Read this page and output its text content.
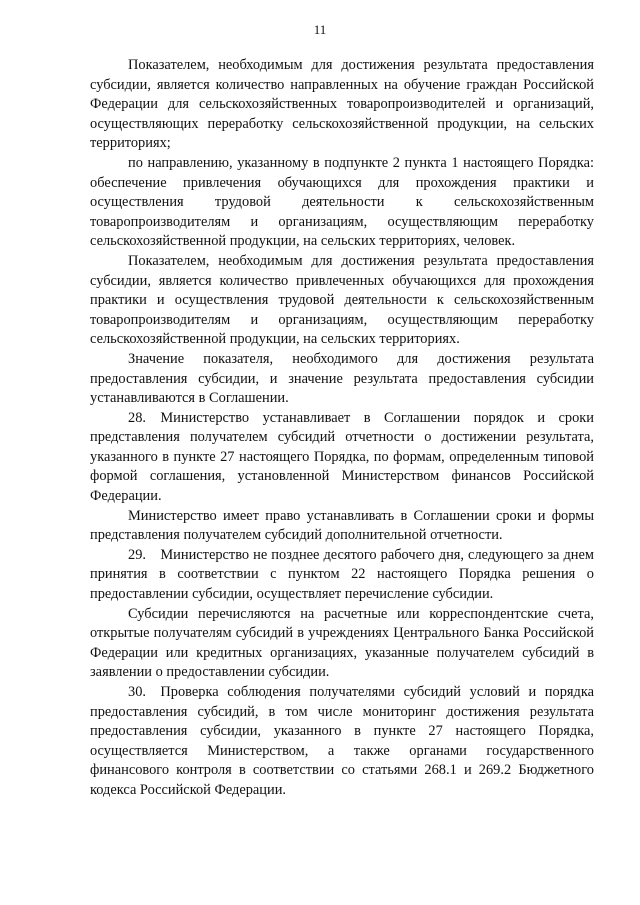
11

Показателем, необходимым для достижения результата предоставления субсидии, является количество направленных на обучение граждан Российской Федерации для сельскохозяйственных товаропроизводителей и организаций, осуществляющих переработку сельскохозяйственной продукции, на сельских территориях;

по направлению, указанному в подпункте 2 пункта 1 настоящего Порядка: обеспечение привлечения обучающихся для прохождения практики и осуществления трудовой деятельности к сельскохозяйственным товаропроизводителям и организациям, осуществляющим переработку сельскохозяйственной продукции, на сельских территориях, человек.

Показателем, необходимым для достижения результата предоставления субсидии, является количество привлеченных обучающихся для прохождения практики и осуществления трудовой деятельности к сельскохозяйственным товаропроизводителям и организациям, осуществляющим переработку сельскохозяйственной продукции, на сельских территориях.

Значение показателя, необходимого для достижения результата предоставления субсидии, и значение результата предоставления субсидии устанавливаются в Соглашении.

28. Министерство устанавливает в Соглашении порядок и сроки представления получателем субсидий отчетности о достижении результата, указанного в пункте 27 настоящего Порядка, по формам, определенным типовой формой соглашения, установленной Министерством финансов Российской Федерации.

Министерство имеет право устанавливать в Соглашении сроки и формы представления получателем субсидий дополнительной отчетности.

29. Министерство не позднее десятого рабочего дня, следующего за днем принятия в соответствии с пунктом 22 настоящего Порядка решения о предоставлении субсидии, осуществляет перечисление субсидии.

Субсидии перечисляются на расчетные или корреспондентские счета, открытые получателям субсидий в учреждениях Центрального Банка Российской Федерации или кредитных организациях, указанные получателем субсидий в заявлении о предоставлении субсидии.

30. Проверка соблюдения получателями субсидий условий и порядка предоставления субсидий, в том числе мониторинг достижения результата предоставления субсидии, указанного в пункте 27 настоящего Порядка, осуществляется Министерством, а также органами государственного финансового контроля в соответствии со статьями 268.1 и 269.2 Бюджетного кодекса Российской Федерации.
